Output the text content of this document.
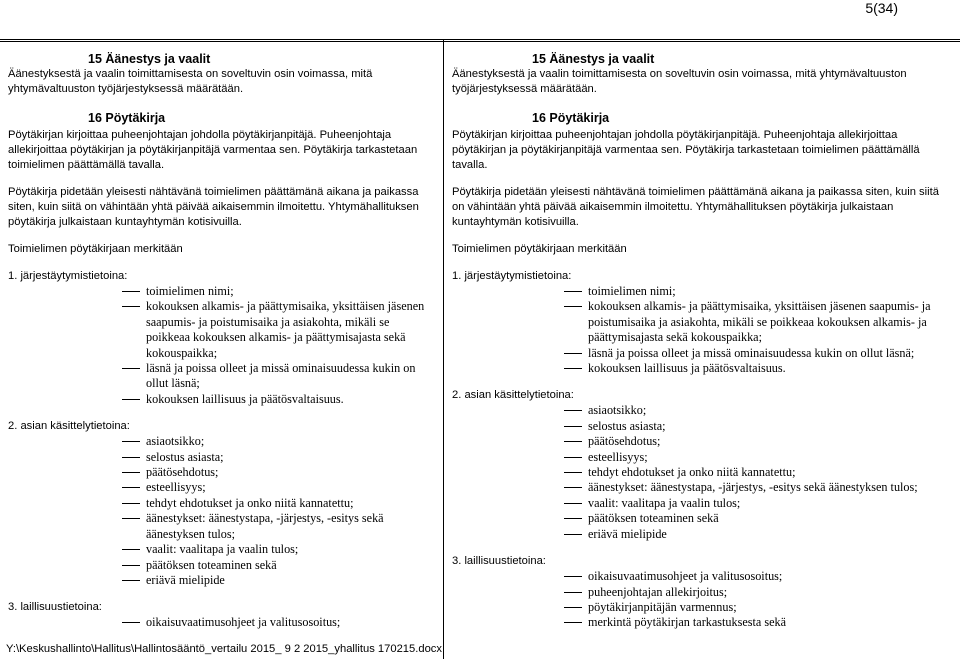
5(34)
15 Äänestys ja vaalit
Äänestyksestä ja vaalin toimittamisesta on soveltuvin osin voimassa, mitä yhtymävaltuuston työjärjestyksessä määrätään.
16 Pöytäkirja
Pöytäkirjan kirjoittaa puheenjohtajan johdolla pöytäkirjanpitäjä. Puheenjohtaja allekirjoittaa pöytäkirjan ja pöytäkirjanpitäjä varmentaa sen. Pöytäkirja tarkastetaan toimielimen päättämällä tavalla.
Pöytäkirja pidetään yleisesti nähtävänä toimielimen päättämänä aikana ja paikassa siten, kuin siitä on vähintään yhtä päivää aikaisemmin ilmoitettu. Yhtymähallituksen pöytäkirja julkaistaan kuntayhtymän kotisivuilla.
Toimielimen pöytäkirjaan merkitään
1. järjestäytymistietoina:
toimielimen nimi;
kokouksen alkamis- ja päättymisaika, yksittäisen jäsenen saapumis- ja poistumisaika ja asiakohta, mikäli se poikkeaa kokouksen alkamis- ja päättymisajasta sekä kokouspaikka;
läsnä ja poissa olleet ja missä ominaisuudessa kukin on ollut läsnä;
kokouksen laillisuus ja päätösvaltaisuus.
2. asian käsittelytietoina:
asiaotsikko;
selostus asiasta;
päätösehdotus;
esteellisyys;
tehdyt ehdotukset ja onko niitä kannatettu;
äänestykset: äänestystapa, -järjestys, -esitys sekä äänestyksen tulos;
vaalit: vaalitapa ja vaalin tulos;
päätöksen toteaminen sekä
eriävä mielipide
3. laillisuustietoina:
oikaisuvaatimusohjeet ja valitusosoitus;
15 Äänestys ja vaalit
Äänestyksestä ja vaalin toimittamisesta on soveltuvin osin voimassa, mitä yhtymävaltuuston työjärjestyksessä määrätään.
16 Pöytäkirja
Pöytäkirjan kirjoittaa puheenjohtajan johdolla pöytäkirjanpitäjä. Puheenjohtaja allekirjoittaa pöytäkirjan ja pöytäkirjanpitäjä varmentaa sen. Pöytäkirja tarkastetaan toimielimen päättämällä tavalla.
Pöytäkirja pidetään yleisesti nähtävänä toimielimen päättämänä aikana ja paikassa siten, kuin siitä on vähintään yhtä päivää aikaisemmin ilmoitettu. Yhtymähallituksen pöytäkirja julkaistaan kuntayhtymän kotisivuilla.
Toimielimen pöytäkirjaan merkitään
1. järjestäytymistietoina:
toimielimen nimi;
kokouksen alkamis- ja päättymisaika, yksittäisen jäsenen saapumis- ja poistumisaika ja asiakohta, mikäli se poikkeaa kokouksen alkamis- ja päättymisajasta sekä kokouspaikka;
läsnä ja poissa olleet ja missä ominaisuudessa kukin on ollut läsnä;
kokouksen laillisuus ja päätösvaltaisuus.
2. asian käsittelytietoina:
asiaotsikko;
selostus asiasta;
päätösehdotus;
esteellisyys;
tehdyt ehdotukset ja onko niitä kannatettu;
äänestykset: äänestystapa, -järjestys, -esitys sekä äänestyksen tulos;
vaalit: vaalitapa ja vaalin tulos;
päätöksen toteaminen sekä
eriävä mielipide
3. laillisuustietoina:
oikaisuvaatimusohjeet ja valitusosoitus;
puheenjohtajan allekirjoitus;
pöytäkirjanpitäjän varmennus;
merkintä pöytäkirjan tarkastuksesta sekä
Y:\Keskushallinto\Hallitus\Hallintosääntö_vertailu 2015_ 9 2 2015_yhallitus 170215.docx
